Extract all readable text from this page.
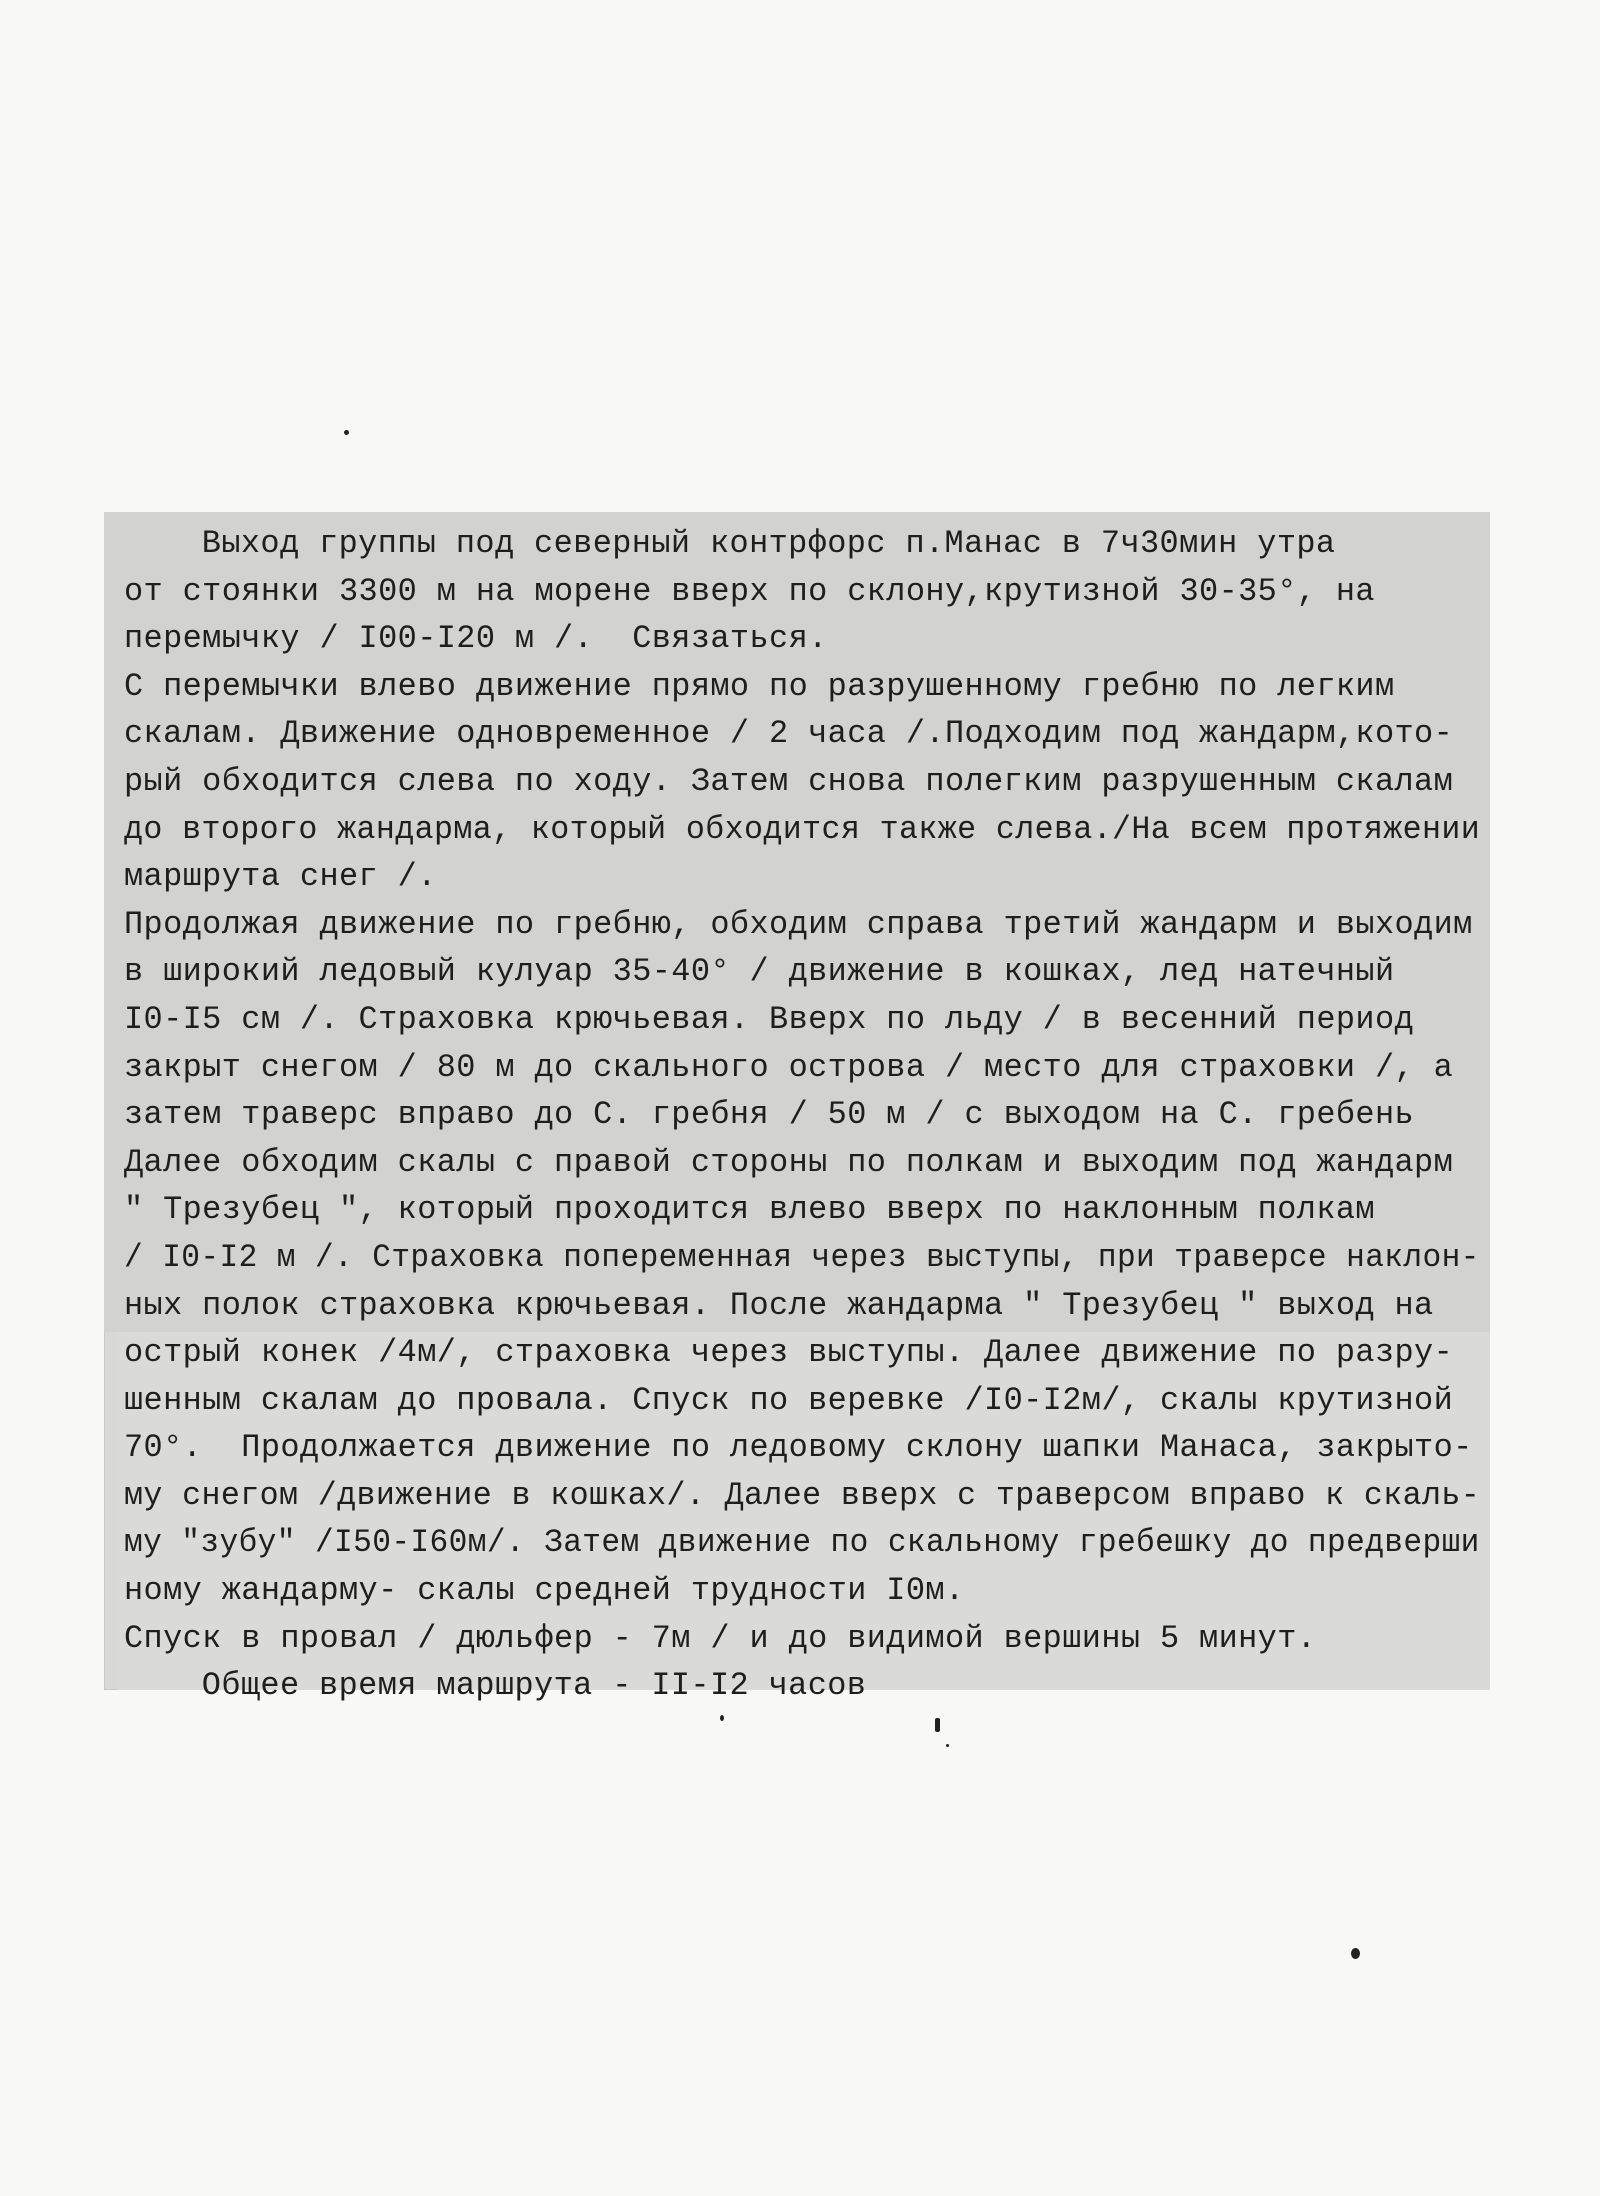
Выход группы под северный контрфорс п.Манас в 7ч30мин утра
от стоянки 3300 м на морене вверх по склону,крутизной 30-35°, на
перемычку / I00-I20 м /.  Связаться.
С перемычки влево движение прямо по разрушенному гребню по легким
скалам. Движение одновременное / 2 часа /.Подходим под жандарм,кото-
рый обходится слева по ходу. Затем снова полегким разрушенным скалам
до второго жандарма, который обходится также слева./На всем протяжении
маршрута снег /.
Продолжая движение по гребню, обходим справа третий жандарм и выходим
в широкий ледовый кулуар 35-40° / движение в кошках, лед натечный
I0-I5 см /. Страховка крючьевая. Вверх по льду / в весенний период
закрыт снегом / 80 м до скального острова / место для страховки /, а
затем траверс вправо до С. гребня / 50 м / с выходом на С. гребень
Далее обходим скалы с правой стороны по полкам и выходим под жандарм
" Трезубец ", который проходится влево вверх по наклонным полкам
/ I0-I2 м /. Страховка попеременная через выступы, при траверсе наклон-
ных полок страховка крючьевая. После жандарма " Трезубец " выход на
острый конек /4м/, страховка через выступы. Далее движение по разру-
шенным скалам до провала. Спуск по веревке /I0-I2м/, скалы крутизной
70°.  Продолжается движение по ледовому склону шапки Манаса, закрыто-
му снегом /движение в кошках/. Далее вверх с траверсом вправо к скаль-
му "зубу" /I50-I60м/. Затем движение по скальному гребешку до предверши
ному жандарму- скалы средней трудности I0м.
Спуск в провал / дюльфер - 7м / и до видимой вершины 5 минут.
Общее время маршрута - II-I2 часов
